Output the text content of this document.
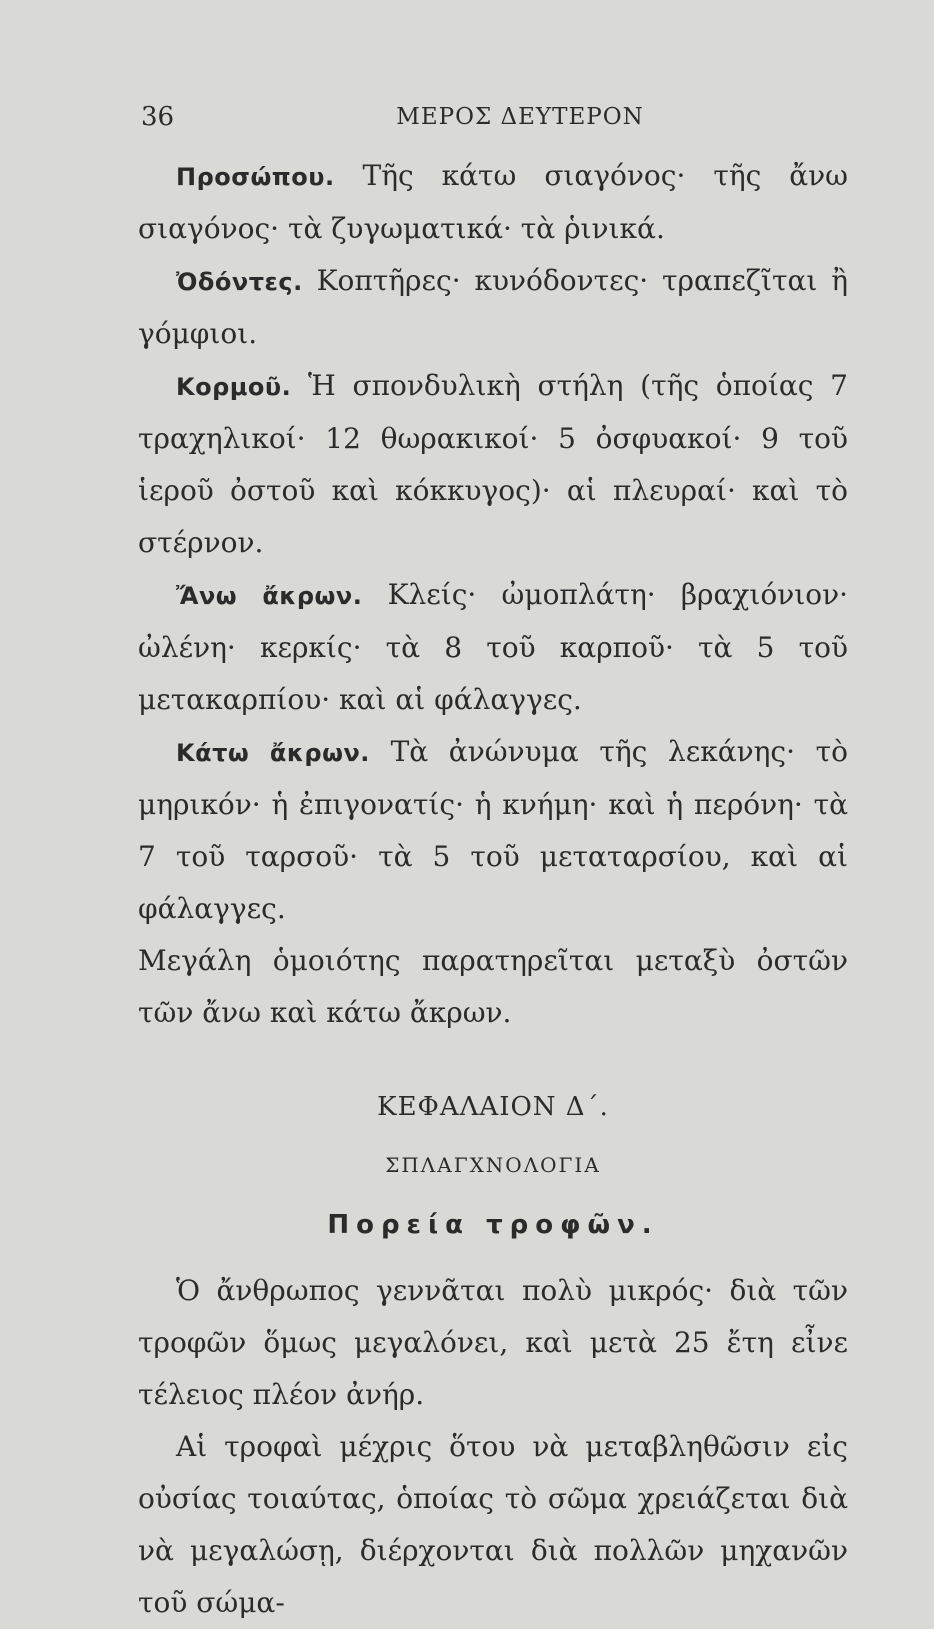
36	ΜΕΡΟΣ ΔΕΥΤΕΡΟΝ

Προσώπου. Τῆς κάτω σιαγόνος· τῆς ἄνω σιαγόνος· τὰ ζυγωματικά· τὰ ῥινικά.

Ὀδόντες. Κοπτῆρες· κυνόδοντες· τραπεζῖται ἢ γόμφιοι.

Κορμοῦ. Ἡ σπονδυλικὴ στήλη (τῆς ὁποίας 7 τραχηλικοί· 12 θωρακικοί· 5 ὀσφυακοί· 9 τοῦ ἱεροῦ ὀστοῦ καὶ κόκκυγος)· αἱ πλευραί· καὶ τὸ στέρνον.

Ἄνω ἄκρων. Κλείς· ὠμοπλάτη· βραχιόνιον· ὠλένη· κερκίς· τὰ 8 τοῦ καρποῦ· τὰ 5 τοῦ μετακαρπίου· καὶ αἱ φάλαγγες.

Κάτω ἄκρων. Τὰ ἀνώνυμα τῆς λεκάνης· τὸ μηρικόν· ἡ ἐπιγονατίς· ἡ κνήμη· καὶ ἡ περόνη· τὰ 7 τοῦ ταρσοῦ· τὰ 5 τοῦ μεταταρσίου, καὶ αἱ φάλαγγες.

Μεγάλη ὁμοιότης παρατηρεῖται μεταξὺ ὀστῶν τῶν ἄνω καὶ κάτω ἄκρων.

ΚΕΦΑΛΑΙΟΝ Δ΄.
ΣΠΛΑΓΧΝΟΛΟΓΙΑ
Πορεία τροφῶν.

Ὁ ἄνθρωπος γεννᾶται πολὺ μικρός· διὰ τῶν τροφῶν ὅμως μεγαλόνει, καὶ μετὰ 25 ἔτη εἶνε τέλειος πλέον ἀνήρ.

Αἱ τροφαὶ μέχρις ὅτου νὰ μεταβληθῶσιν εἰς οὐσίας τοιαύτας, ὁποίας τὸ σῶμα χρειάζεται διὰ νὰ μεγαλώσῃ, διέρχονται διὰ πολλῶν μηχανῶν τοῦ σώμα-
